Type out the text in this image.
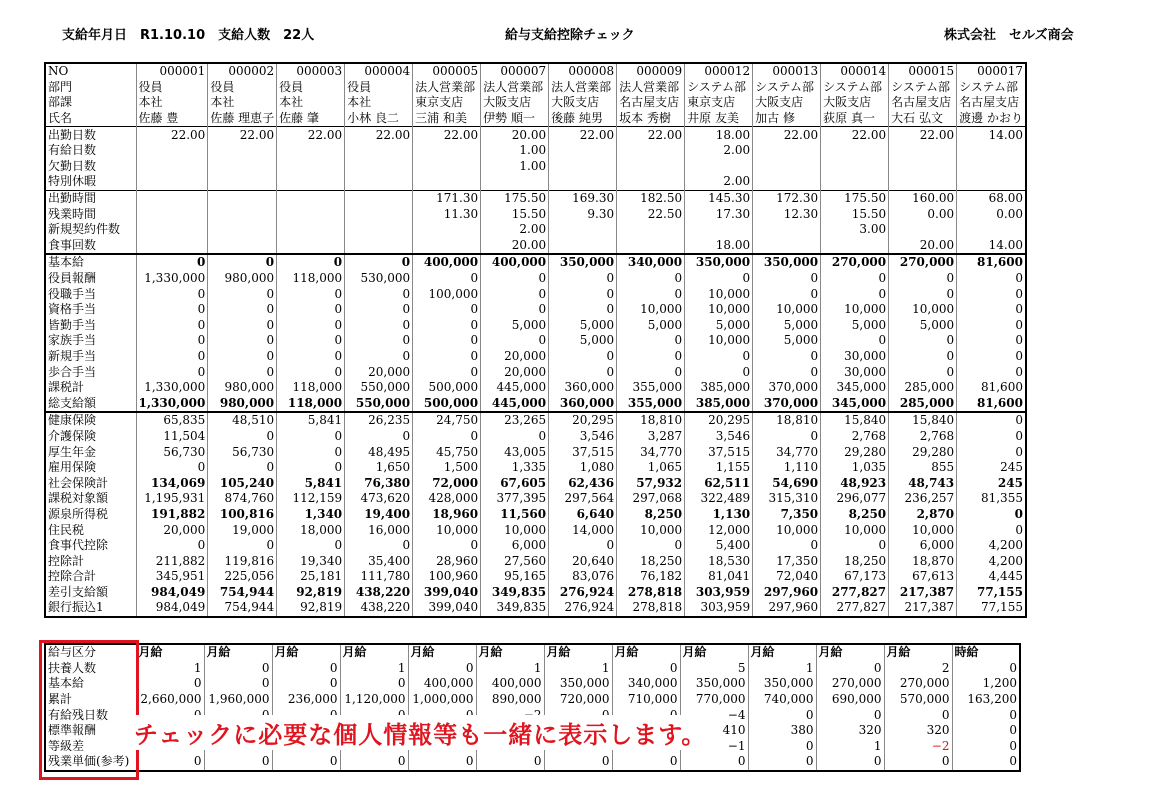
支給年月日　R1.10.10　支給人数　22人	給与支給控除チェック	株式会社　セルズ商会
NO	000001	000002	000003	000004	000005	000007	000008	000009	000012	000013	000014	000015	000017
部門	役員	役員	役員	役員	法人営業部	法人営業部	法人営業部	法人営業部	システム部	システム部	システム部	システム部	システム部
部課	本社	本社	本社	本社	東京支店	大阪支店	大阪支店	名古屋支店	東京支店	大阪支店	大阪支店	名古屋支店	名古屋支店
氏名	佐藤 豊	佐藤 理恵子	佐藤 肇	小林 良二	三浦 和美	伊勢 順一	後藤 純男	坂本 秀樹	井原 友美	加古 修	荻原 真一	大石 弘文	渡邊 かおり
出勤日数	22.00	22.00	22.00	22.00	22.00	20.00	22.00	22.00	18.00	22.00	22.00	22.00	14.00
有給日数						1.00			2.00				
欠勤日数						1.00							
特別休暇									2.00				
出勤時間					171.30	175.50	169.30	182.50	145.30	172.30	175.50	160.00	68.00
残業時間					11.30	15.50	9.30	22.50	17.30	12.30	15.50	0.00	0.00
新規契約件数						2.00					3.00		
食事回数						20.00			18.00			20.00	14.00
基本給	0	0	0	0	400,000	400,000	350,000	340,000	350,000	350,000	270,000	270,000	81,600
役員報酬	1,330,000	980,000	118,000	530,000	0	0	0	0	0	0	0	0	0
役職手当	0	0	0	0	100,000	0	0	0	10,000	0	0	0	0
資格手当	0	0	0	0	0	0	0	10,000	10,000	10,000	10,000	10,000	0
皆勤手当	0	0	0	0	0	5,000	5,000	5,000	5,000	5,000	5,000	5,000	0
家族手当	0	0	0	0	0	0	5,000	0	10,000	5,000	0	0	0
新規手当	0	0	0	0	0	20,000	0	0	0	0	30,000	0	0
歩合手当	0	0	0	20,000	0	20,000	0	0	0	0	30,000	0	0
課税計	1,330,000	980,000	118,000	550,000	500,000	445,000	360,000	355,000	385,000	370,000	345,000	285,000	81,600
総支給額	1,330,000	980,000	118,000	550,000	500,000	445,000	360,000	355,000	385,000	370,000	345,000	285,000	81,600
健康保険	65,835	48,510	5,841	26,235	24,750	23,265	20,295	18,810	20,295	18,810	15,840	15,840	0
介護保険	11,504	0	0	0	0	0	3,546	3,287	3,546	0	2,768	2,768	0
厚生年金	56,730	56,730	0	48,495	45,750	43,005	37,515	34,770	37,515	34,770	29,280	29,280	0
雇用保険	0	0	0	1,650	1,500	1,335	1,080	1,065	1,155	1,110	1,035	855	245
社会保険計	134,069	105,240	5,841	76,380	72,000	67,605	62,436	57,932	62,511	54,690	48,923	48,743	245
課税対象額	1,195,931	874,760	112,159	473,620	428,000	377,395	297,564	297,068	322,489	315,310	296,077	236,257	81,355
源泉所得税	191,882	100,816	1,340	19,400	18,960	11,560	6,640	8,250	1,130	7,350	8,250	2,870	0
住民税	20,000	19,000	18,000	16,000	10,000	10,000	14,000	10,000	12,000	10,000	10,000	10,000	0
食事代控除	0	0	0	0	0	6,000	0	0	5,400	0	0	6,000	4,200
控除計	211,882	119,816	19,340	35,400	28,960	27,560	20,640	18,250	18,530	17,350	18,250	18,870	4,200
控除合計	345,951	225,056	25,181	111,780	100,960	95,165	83,076	76,182	81,041	72,040	67,173	67,613	4,445
差引支給額	984,049	754,944	92,819	438,220	399,040	349,835	276,924	278,818	303,959	297,960	277,827	217,387	77,155
銀行振込1	984,049	754,944	92,819	438,220	399,040	349,835	276,924	278,818	303,959	297,960	277,827	217,387	77,155
給与区分	月給	月給	月給	月給	月給	月給	月給	月給	月給	月給	月給	月給	時給
扶養人数	1	0	0	1	0	1	1	0	5	1	0	2	0
基本給	0	0	0	0	400,000	400,000	350,000	340,000	350,000	350,000	270,000	270,000	1,200
累計	2,660,000	1,960,000	236,000	1,120,000	1,000,000	890,000	720,000	710,000	770,000	740,000	690,000	570,000	163,200
有給残日数									−4	0	0	0	0
標準報酬									410	380	320	320	0
等級差									−1	0	1	−2	0
残業単価(参考)	0	0	0	0	0	0	0	0	0	0	0	0	0
チェックに必要な個人情報等も一緒に表示します。
